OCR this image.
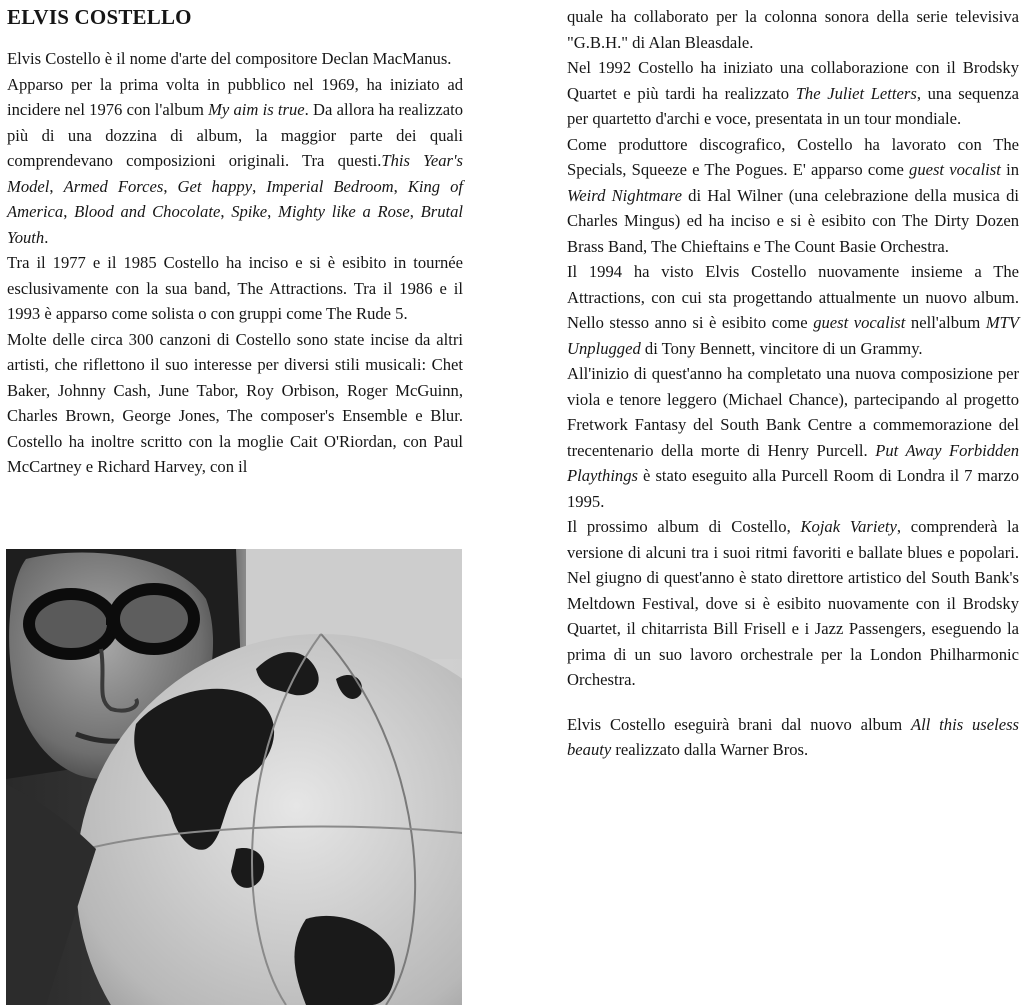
ELVIS COSTELLO

Elvis Costello è il nome d'arte del compositore Declan MacManus.

Apparso per la prima volta in pubblico nel 1969, ha iniziato ad incidere nel 1976 con l'album My aim is true. Da allora ha realizzato più di una dozzina di album, la maggior parte dei quali comprendevano composizioni originali. Tra questi.This Year's Model, Armed Forces, Get happy, Imperial Bedroom, King of America, Blood and Chocolate, Spike, Mighty like a Rose, Brutal Youth.

Tra il 1977 e il 1985 Costello ha inciso e si è esibito in tournée esclusivamente con la sua band, The Attractions. Tra il 1986 e il 1993 è apparso come solista o con gruppi come The Rude 5.

Molte delle circa 300 canzoni di Costello sono state incise da altri artisti, che riflettono il suo interesse per diversi stili musicali: Chet Baker, Johnny Cash, June Tabor, Roy Orbison, Roger McGuinn, Charles Brown, George Jones, The composer's Ensemble e Blur. Costello ha inoltre scritto con la moglie Cait O'Riordan, con Paul McCartney e Richard Harvey, con il

quale ha collaborato per la colonna sonora della serie televisiva "G.B.H." di Alan Bleasdale.

Nel 1992 Costello ha iniziato una collaborazione con il Brodsky Quartet e più tardi ha realizzato The Juliet Letters, una sequenza per quartetto d'archi e voce, presentata in un tour mondiale.

Come produttore discografico, Costello ha lavorato con The Specials, Squeeze e The Pogues. E' apparso come guest vocalist in Weird Nightmare di Hal Wilner (una celebrazione della musica di Charles Mingus) ed ha inciso e si è esibito con The Dirty Dozen Brass Band, The Chieftains e The Count Basie Orchestra.

Il 1994 ha visto Elvis Costello nuovamente insieme a The Attractions, con cui sta progettando attualmente un nuovo album. Nello stesso anno si è esibito come guest vocalist nell'album MTV Unplugged di Tony Bennett, vincitore di un Grammy.

All'inizio di quest'anno ha completato una nuova composizione per viola e tenore leggero (Michael Chance), partecipando al progetto Fretwork Fantasy del South Bank Centre a commemorazione del trecentenario della morte di Henry Purcell. Put Away Forbidden Playthings è stato eseguito alla Purcell Room di Londra il 7 marzo 1995.

Il prossimo album di Costello, Kojak Variety, comprenderà la versione di alcuni tra i suoi ritmi favoriti e ballate blues e popolari. Nel giugno di quest'anno è stato direttore artistico del South Bank's Meltdown Festival, dove si è esibito nuovamente con il Brodsky Quartet, il chitarrista Bill Frisell e i Jazz Passengers, eseguendo la prima di un suo lavoro orchestrale per la London Philharmonic Orchestra.

Elvis Costello eseguirà brani dal nuovo album All this useless beauty realizzato dalla Warner Bros.
